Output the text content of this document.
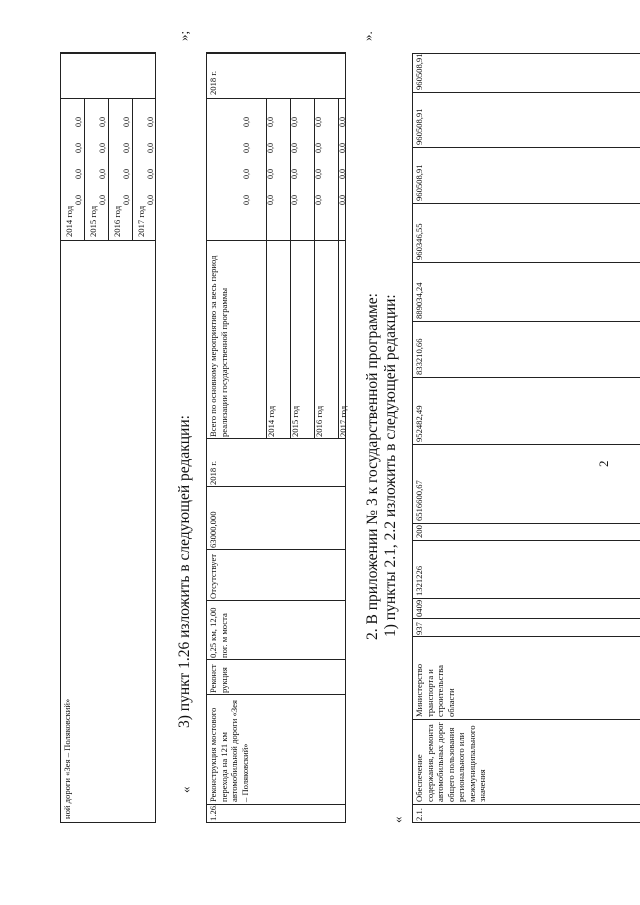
2
ной дороги «Зея – Поляковский»
»;
3) пункт 1.26 изложить в следующей редакции:
«
1.26.
Реконструкция мостового перехода на 121 км автомобильной дороги «Зея – Поляковский»
Реконструкция
0,25 км, 12,00 пог. м моста
Отсутствует
63000,000
2018 г.
Всего по основному мероприятию за весь период реализации государственной программы
2018 г.
».
2. В приложении № 3 к государственной программе: 1) пункты 2.1, 2.2 изложить в следующей редакции:
« 2.1.
Обеспечение содержания, ремонта автомобильных дорог общего пользования регионального или межмуниципального значения
Министерство транспорта и строительства области
937
0409
1321226
200
2014 год 2015 год 2016 год 2017 год
0,0
0,0
0,0
0,0
0,0
0,0
0,0
0,0
0,0
0,0
0,0
0,0
0,0
0,0
0,0
0,0
2014 год
0,0
0,0
0,0
0,0
2015 год
0,0
0,0
0,0
0,0
2016 год
0,0
0,0
0,0
0,0
2017 год
0,0
0,0
0,0
0,0
0,0
0,0
0,0
0,0
6516600,67
952482,49
833210,66
889034,24
960346,55
960508,91
960508,91
960508,91
